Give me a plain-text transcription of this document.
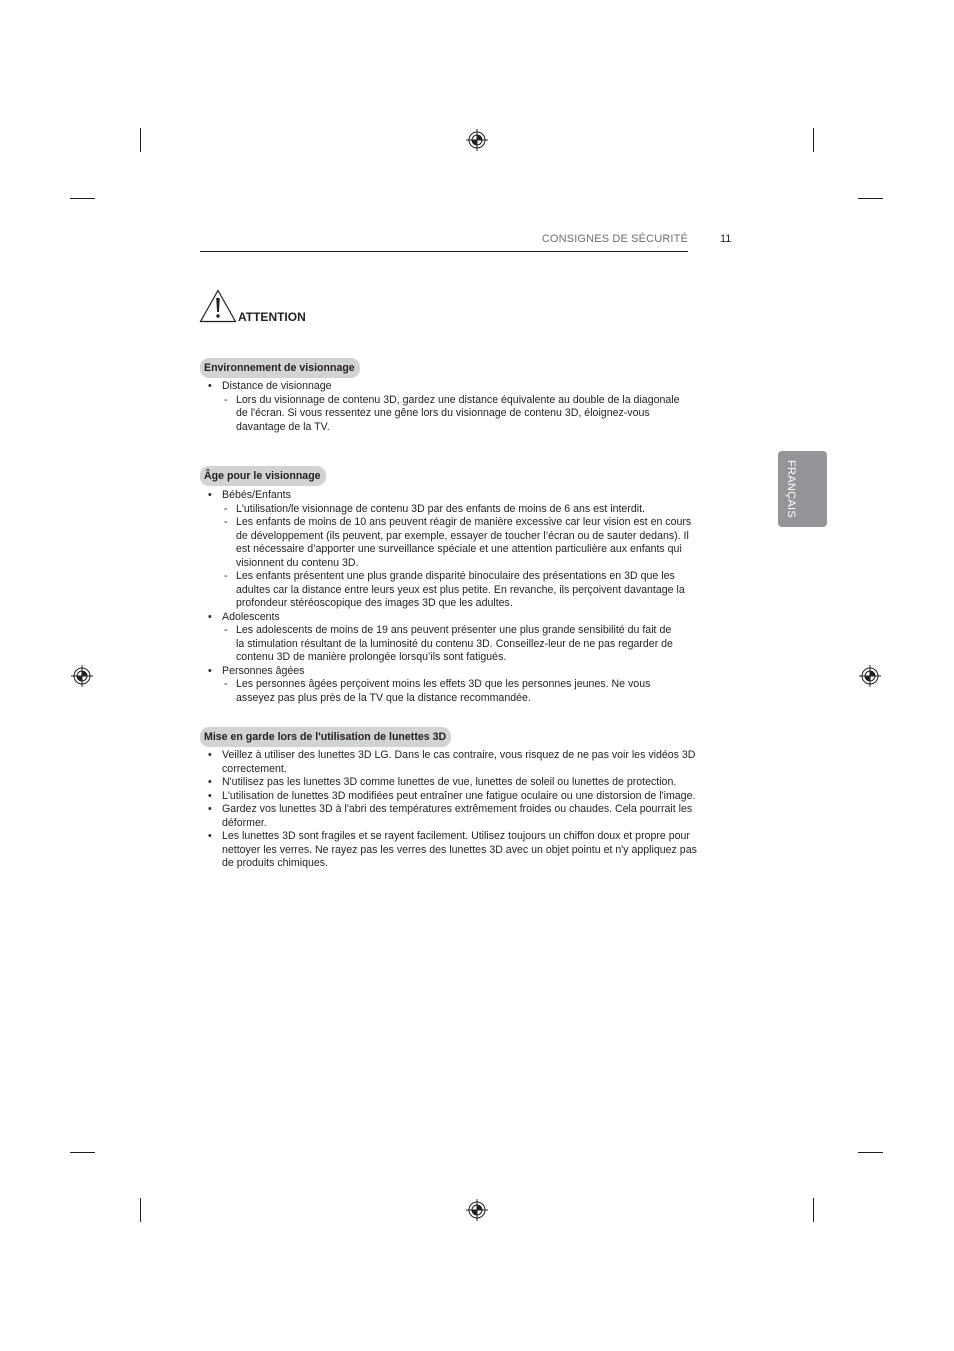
CONSIGNES DE SÉCURITÉ	11
FRANÇAIS
ATTENTION
Environnement de visionnage
• Distance de visionnage
- Lors du visionnage de contenu 3D, gardez une distance équivalente au double de la diagonale
de l'écran. Si vous ressentez une gêne lors du visionnage de contenu 3D, éloignez-vous
davantage de la TV.
Âge pour le visionnage
• Bébés/Enfants
- L'utilisation/le visionnage de contenu 3D par des enfants de moins de 6 ans est interdit.
- Les enfants de moins de 10 ans peuvent réagir de manière excessive car leur vision est en cours
de développement (ils peuvent, par exemple, essayer de toucher l’écran ou de sauter dedans). Il
est nécessaire d’apporter une surveillance spéciale et une attention particulière aux enfants qui
visionnent du contenu 3D.
- Les enfants présentent une plus grande disparité binoculaire des présentations en 3D que les
adultes car la distance entre leurs yeux est plus petite. En revanche, ils perçoivent davantage la
profondeur stéréoscopique des images 3D que les adultes.
• Adolescents
- Les adolescents de moins de 19 ans peuvent présenter une plus grande sensibilité du fait de
la stimulation résultant de la luminosité du contenu 3D. Conseillez-leur de ne pas regarder de
contenu 3D de manière prolongée lorsqu’ils sont fatigués.
• Personnes âgées
- Les personnes âgées perçoivent moins les effets 3D que les personnes jeunes. Ne vous
asseyez pas plus près de la TV que la distance recommandée.
Mise en garde lors de l'utilisation de lunettes 3D
• Veillez à utiliser des lunettes 3D LG. Dans le cas contraire, vous risquez de ne pas voir les vidéos 3D
correctement.
• N'utilisez pas les lunettes 3D comme lunettes de vue, lunettes de soleil ou lunettes de protection.
• L'utilisation de lunettes 3D modifiées peut entraîner une fatigue oculaire ou une distorsion de l'image.
• Gardez vos lunettes 3D à l'abri des températures extrêmement froides ou chaudes. Cela pourrait les
déformer.
• Les lunettes 3D sont fragiles et se rayent facilement. Utilisez toujours un chiffon doux et propre pour
nettoyer les verres. Ne rayez pas les verres des lunettes 3D avec un objet pointu et n'y appliquez pas
de produits chimiques.
